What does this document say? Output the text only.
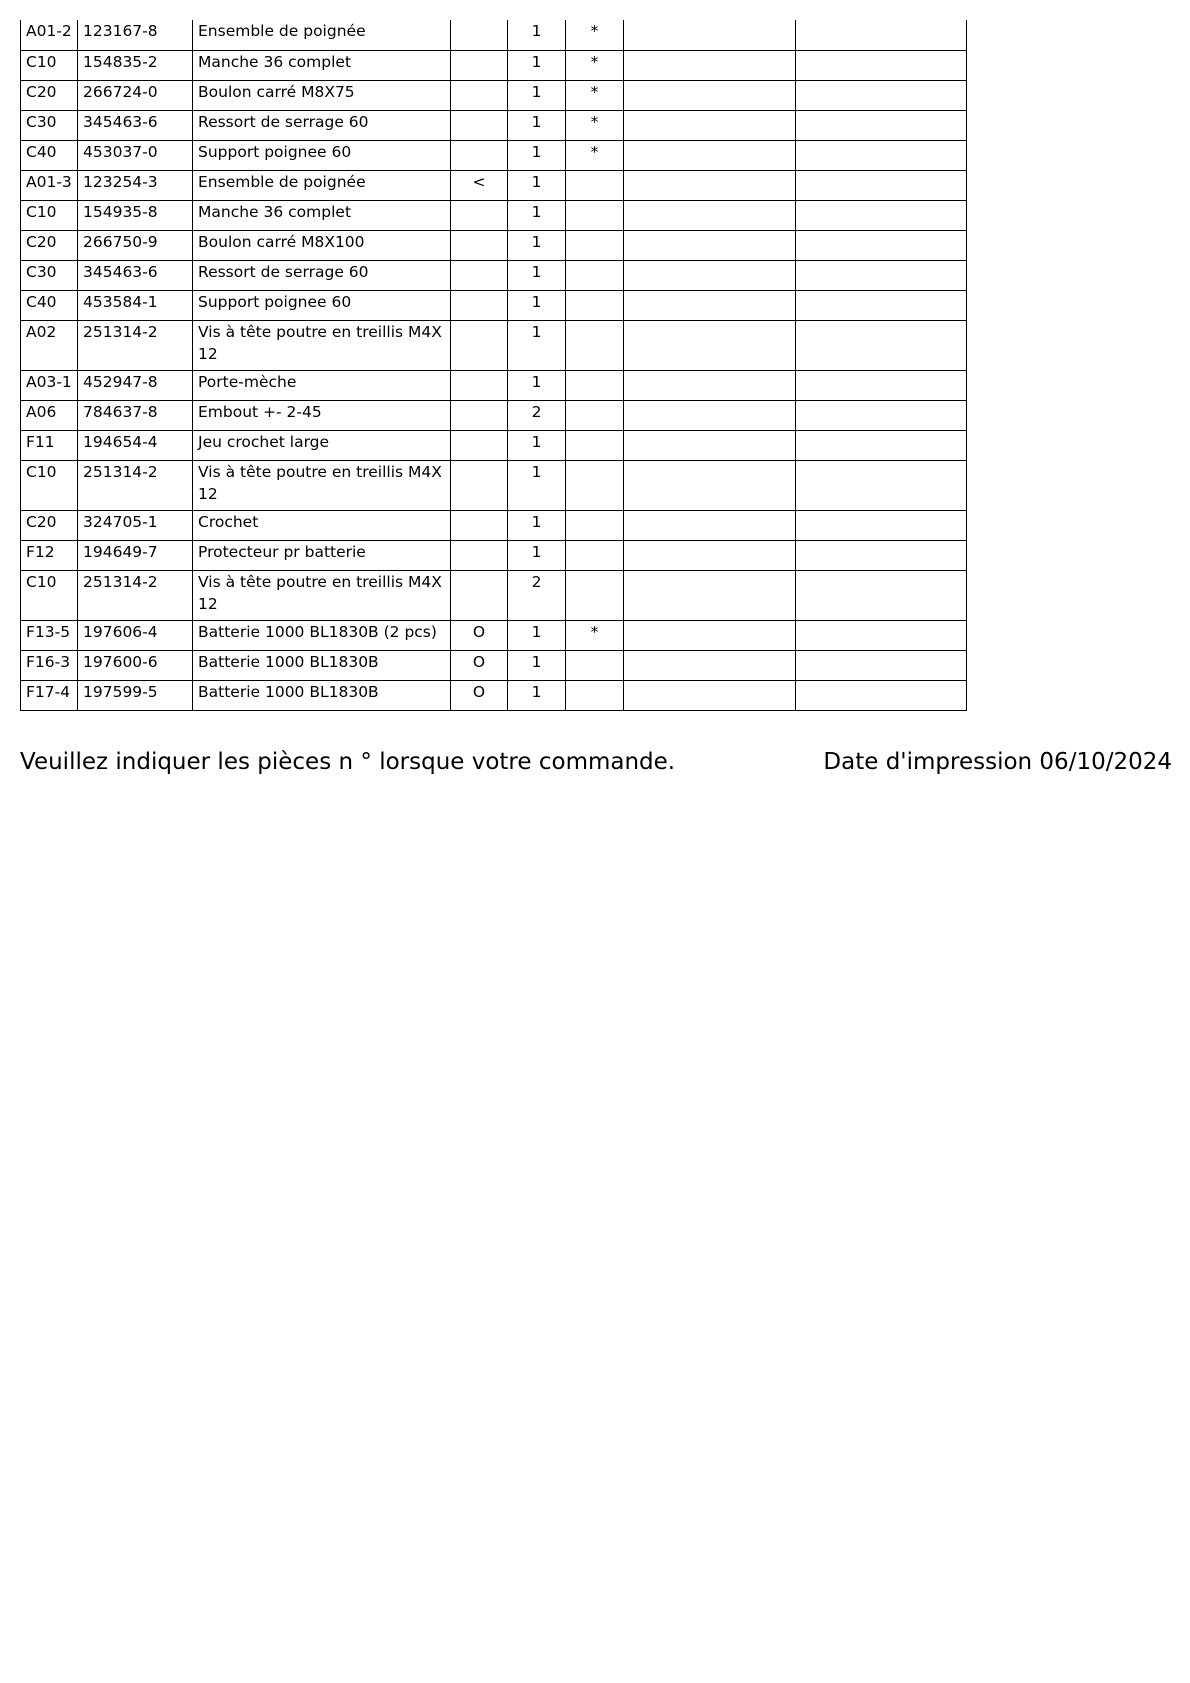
A01-2	123167-8	Ensemble de poignée		1	*		
C10	154835-2	Manche 36 complet		1	*		
C20	266724-0	Boulon carré M8X75		1	*		
C30	345463-6	Ressort de serrage 60		1	*		
C40	453037-0	Support poignee 60		1	*		
A01-3	123254-3	Ensemble de poignée	<	1			
C10	154935-8	Manche 36 complet		1			
C20	266750-9	Boulon carré M8X100		1			
C30	345463-6	Ressort de serrage 60		1			
C40	453584-1	Support poignee 60		1			
A02	251314-2	Vis à tête poutre en treillis M4X12		1			
A03-1	452947-8	Porte-mèche		1			
A06	784637-8	Embout +- 2-45		2			
F11	194654-4	Jeu crochet large		1			
C10	251314-2	Vis à tête poutre en treillis M4X12		1			
C20	324705-1	Crochet		1			
F12	194649-7	Protecteur pr batterie		1			
C10	251314-2	Vis à tête poutre en treillis M4X12		2			
F13-5	197606-4	Batterie 1000 BL1830B (2 pcs)	O	1	*		
F16-3	197600-6	Batterie 1000 BL1830B	O	1			
F17-4	197599-5	Batterie 1000 BL1830B	O	1			
Veuillez indiquer les pièces n ° lorsque votre commande.	Date d'impression 06/10/2024
